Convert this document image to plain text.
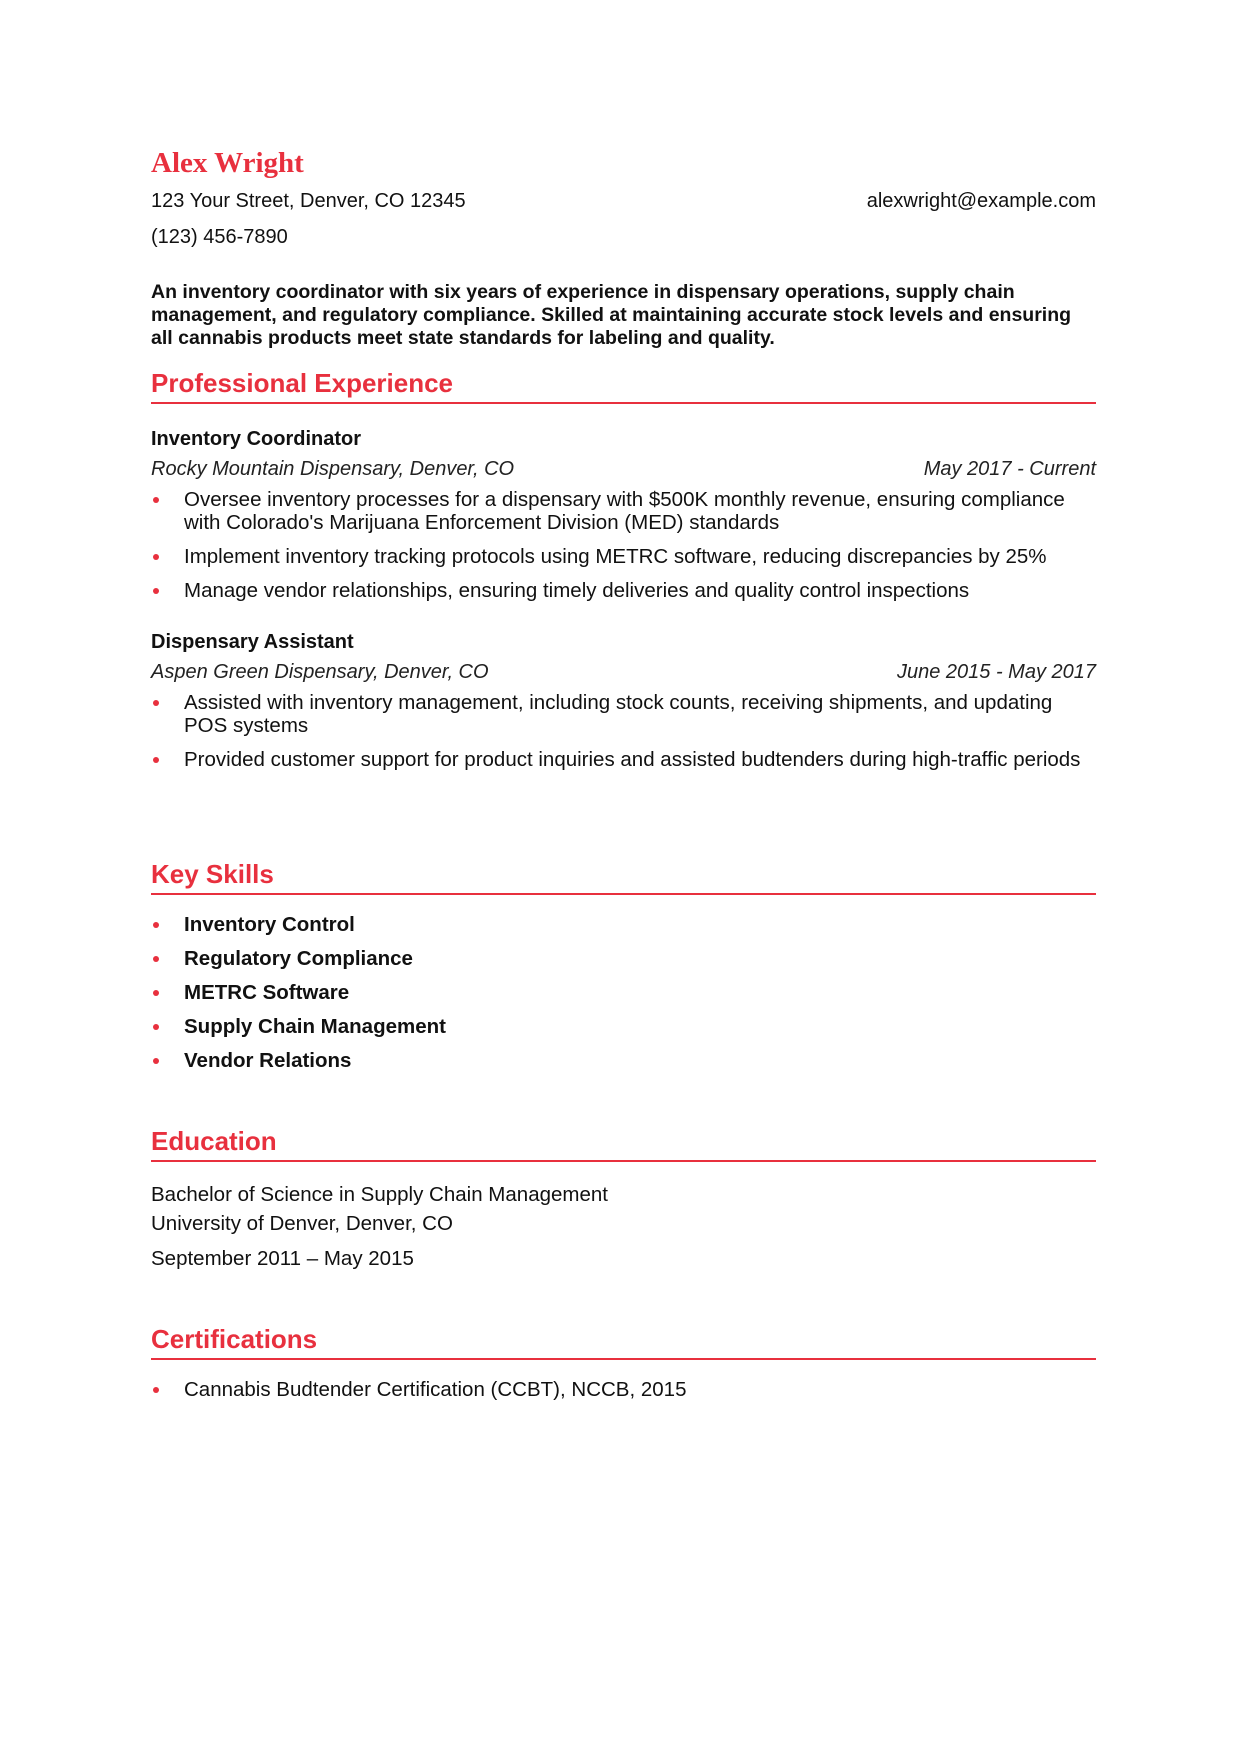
Alex Wright
123 Your Street, Denver, CO 12345	alexwright@example.com
(123) 456-7890
An inventory coordinator with six years of experience in dispensary operations, supply chain management, and regulatory compliance. Skilled at maintaining accurate stock levels and ensuring all cannabis products meet state standards for labeling and quality.
Professional Experience
Inventory Coordinator
Rocky Mountain Dispensary, Denver, CO	May 2017 - Current
Oversee inventory processes for a dispensary with $500K monthly revenue, ensuring compliance with Colorado's Marijuana Enforcement Division (MED) standards
Implement inventory tracking protocols using METRC software, reducing discrepancies by 25%
Manage vendor relationships, ensuring timely deliveries and quality control inspections
Dispensary Assistant
Aspen Green Dispensary, Denver, CO	June 2015 - May 2017
Assisted with inventory management, including stock counts, receiving shipments, and updating POS systems
Provided customer support for product inquiries and assisted budtenders during high-traffic periods
Key Skills
Inventory Control
Regulatory Compliance
METRC Software
Supply Chain Management
Vendor Relations
Education
Bachelor of Science in Supply Chain Management
University of Denver, Denver, CO
September 2011 – May 2015
Certifications
Cannabis Budtender Certification (CCBT), NCCB, 2015
